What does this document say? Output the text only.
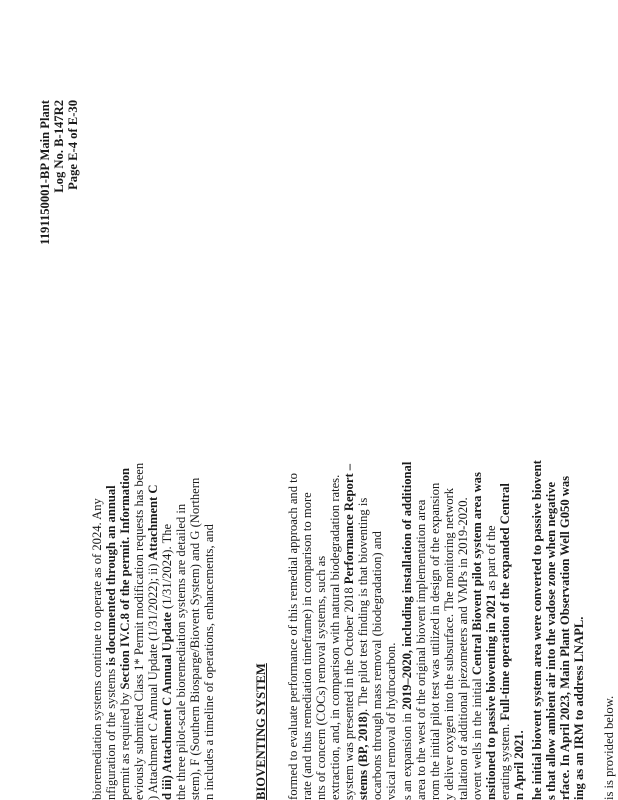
1191150001-BP Main Plant Log No. B-147R2 Page E-4 of E-30
bioremediation systems continue to operate as of 2024. Any nfiguration of the systems is documented through an annual
permit as required by Section IV.C.8 of the permit. Information eviously submitted Class 1* Permit modification requests has been ) Attachment C Annual Update (1/31/2022); ii) Attachment C
d iii) Attachment C Annual Update (1/31/2024). The the three pilot-scale bioremediation systems are detailed in stem), F (Southern Biosparge/Biovent System) and G (Northern n includes a timeline of operations, enhancements, and	BIOVENTING SYSTEM formed to evaluate performance of this remedial approach and to rate (and thus remediation timeframe) in comparison to more nts of concern (COCs) removal systems, such as extraction, and, in comparison with natural biodegradation rates. system was presented in the October 2018 Performance Report –
stems (BP, 2018). The pilot test finding is that bioventing is ocarbons through mass removal (biodegradation) and vsical removal of hydrocarbon. s an expansion in 2019–2020, including installation of additional area to the west of the original biovent implementation area rom the initial pilot test was utilized in design of the expansion y deliver oxygen into the subsurface. The monitoring network tallation of additional piezometers and VMPs in 2019-2020. ovent wells in the initial Central Biovent pilot system area was
nsitioned to passive bioventing in 2021 as part of the
erating system. Full-time operation of the expanded Central
n April 2021. he initial biovent system area were converted to passive biovent s that allow ambient air into the vadose zone when negative rface. In April 2023, Main Plant Observation Well G050 was ing as an IRM to address LNAPL. is is provided below.
